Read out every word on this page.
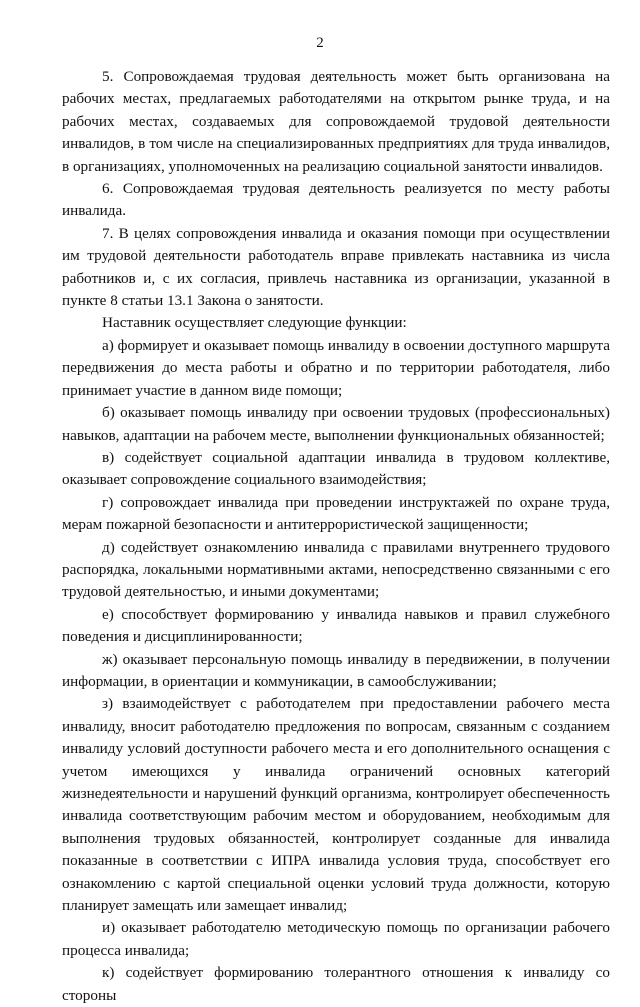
2

5. Сопровождаемая трудовая деятельность может быть организована на рабочих местах, предлагаемых работодателями на открытом рынке труда, и на рабочих местах, создаваемых для сопровождаемой трудовой деятельности инвалидов, в том числе на специализированных предприятиях для труда инвалидов, в организациях, уполномоченных на реализацию социальной занятости инвалидов.

6. Сопровождаемая трудовая деятельность реализуется по месту работы инвалида.

7. В целях сопровождения инвалида и оказания помощи при осуществлении им трудовой деятельности работодатель вправе привлекать наставника из числа работников и, с их согласия, привлечь наставника из организации, указанной в пункте 8 статьи 13.1 Закона о занятости.

Наставник осуществляет следующие функции:

а) формирует и оказывает помощь инвалиду в освоении доступного маршрута передвижения до места работы и обратно и по территории работодателя, либо принимает участие в данном виде помощи;

б) оказывает помощь инвалиду при освоении трудовых (профессиональных) навыков, адаптации на рабочем месте, выполнении функциональных обязанностей;

в) содействует социальной адаптации инвалида в трудовом коллективе, оказывает сопровождение социального взаимодействия;

г) сопровождает инвалида при проведении инструктажей по охране труда, мерам пожарной безопасности и антитеррористической защищенности;

д) содействует ознакомлению инвалида с правилами внутреннего трудового распорядка, локальными нормативными актами, непосредственно связанными с его трудовой деятельностью, и иными документами;

е) способствует формированию у инвалида навыков и правил служебного поведения и дисциплинированности;

ж) оказывает персональную помощь инвалиду в передвижении, в получении информации, в ориентации и коммуникации, в самообслуживании;

з) взаимодействует с работодателем при предоставлении рабочего места инвалиду, вносит работодателю предложения по вопросам, связанным с созданием инвалиду условий доступности рабочего места и его дополнительного оснащения с учетом имеющихся у инвалида ограничений основных категорий жизнедеятельности и нарушений функций организма, контролирует обеспеченность инвалида соответствующим рабочим местом и оборудованием, необходимым для выполнения трудовых обязанностей, контролирует созданные для инвалида показанные в соответствии с ИПРА инвалида условия труда, способствует его ознакомлению с картой специальной оценки условий труда должности, которую планирует замещать или замещает инвалид;

и) оказывает работодателю методическую помощь по организации рабочего процесса инвалида;

к) содействует формированию толерантного отношения к инвалиду со стороны
